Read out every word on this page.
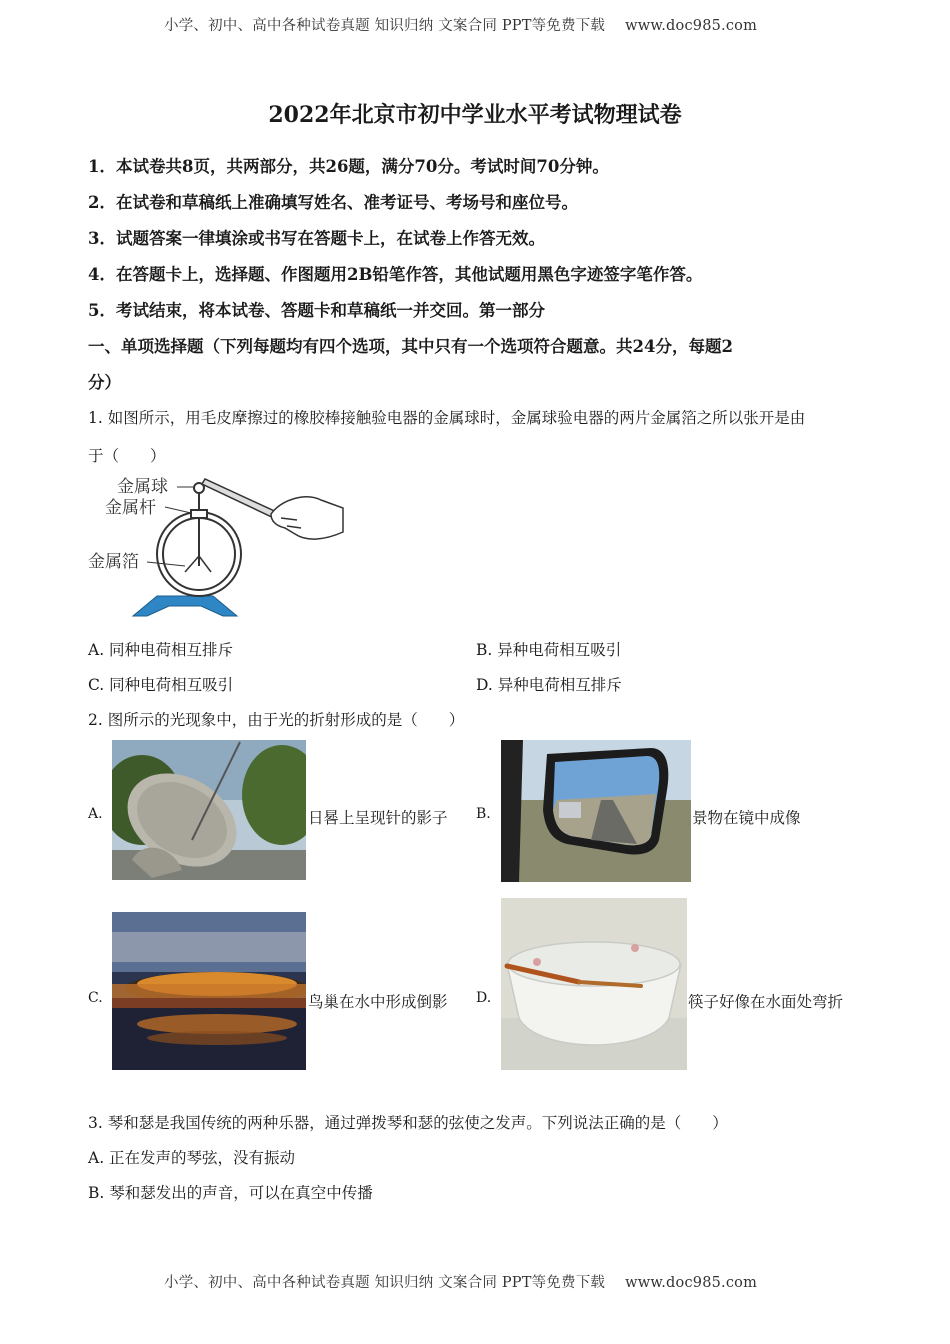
小学、初中、高中各种试卷真题 知识归纳 文案合同 PPT等免费下载 www.doc985.com
2022年北京市初中学业水平考试物理试卷
1．本试卷共8页，共两部分，共26题，满分70分。考试时间70分钟。
2．在试卷和草稿纸上准确填写姓名、准考证号、考场号和座位号。
3．试题答案一律填涂或书写在答题卡上，在试卷上作答无效。
4．在答题卡上，选择题、作图题用2B铅笔作答，其他试题用黑色字迹签字笔作答。
5．考试结束，将本试卷、答题卡和草稿纸一并交回。第一部分
一、单项选择题（下列每题均有四个选项，其中只有一个选项符合题意。共24分，每题2
分）
1. 如图所示，用毛皮摩擦过的橡胶棒接触验电器的金属球时，金属球验电器的两片金属箔之所以张开是由
于（　　）
金属球
金属杆
金属箔
A. 同种电荷相互排斥	B. 异种电荷相互吸引
C. 同种电荷相互吸引	D. 异种电荷相互排斥
2. 图所示的光现象中，由于光的折射形成的是（　　）
A.	日晷上呈现针的影子 B.	景物在镜中成像
C.	鸟巢在水中形成倒影 D.	筷子好像在水面处弯折
3. 琴和瑟是我国传统的两种乐器，通过弹拨琴和瑟的弦使之发声。下列说法正确的是（　　）
A. 正在发声的琴弦，没有振动
B. 琴和瑟发出的声音，可以在真空中传播
小学、初中、高中各种试卷真题 知识归纳 文案合同 PPT等免费下载 www.doc985.com
